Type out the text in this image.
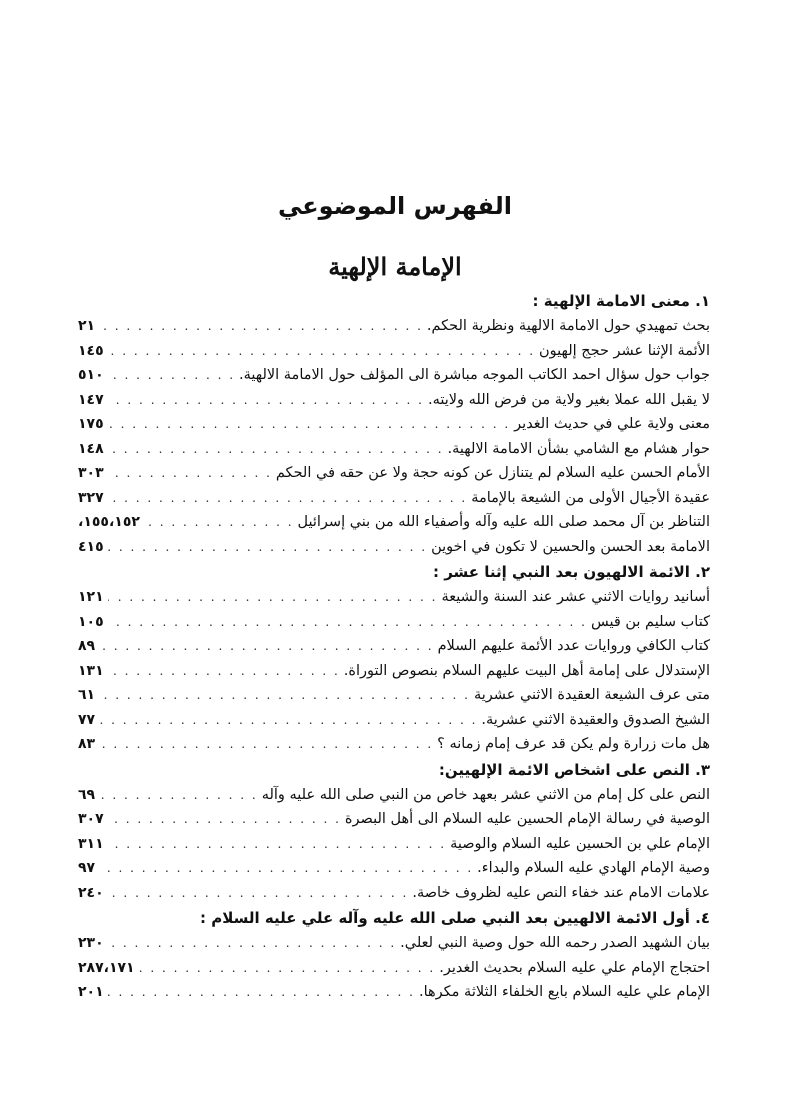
الفهرس الموضوعي
الإمامة الإلهية
١. معنى الامامة الإلهية :
بحث تمهيدي حول الامامة الالهية ونظرية الحكم.
. . .
٢١
الأئمة الإثنا عشر حجج إلهيون
. . .
١٤٥
جواب حول سؤال احمد الكاتب الموجه مباشرة الى المؤلف حول الامامة الالهية.
. . .
٥١٠
لا يقبل الله عملا بغير ولاية من فرض الله ولايته.
. . .
١٤٧
معنى ولاية علي في حديث الغدير
. . .
١٧٥
حوار هشام مع الشامي بشأن الامامة الالهية.
. . .
١٤٨
الأمام الحسن عليه السلام لم يتنازل عن كونه حجة ولا عن حقه في الحكم
. . .
٣٠٣
عقيدة الأجيال الأولى من الشيعة بالإمامة
. . .
٣٢٧
التناظر بن آل محمد صلى الله عليه وآله وأصفياء الله من بني إسرائيل
. . .
١٥٥،١٥٢،
الامامة بعد الحسن والحسين لا تكون في اخوين
. . .
٤١٥
٢. الائمة الالهيون بعد النبي إثنا عشر :
أسانيد روايات الاثني عشر عند السنة والشيعة
. . .
١٢١
كتاب سليم بن قيس
. . .
١٠٥
كتاب الكافي وروايات عدد الأئمة عليهم السلام
. . .
٨٩
الإستدلال على إمامة أهل البيت عليهم السلام بنصوص التوراة.
. . .
١٣١
متى عرف الشيعة العقيدة الاثني عشرية
. . .
٦١
الشيخ الصدوق والعقيدة الاثني عشرية.
. . .
٧٧
هل مات زرارة ولم يكن قد عرف إمام زمانه ؟
. . .
٨٣
٣. النص على اشخاص الائمة الإلهيين:
النص على كل إمام من الاثني عشر بعهد خاص من النبي صلى الله عليه وآله
. . .
٦٩
الوصية في رسالة الإمام الحسين عليه السلام الى أهل البصرة
. . .
٣٠٧
الإمام علي بن الحسين عليه السلام والوصية
. . .
٣١١
وصية الإمام الهادي عليه السلام والبداء.
. . .
٩٧
علامات الامام عند خفاء النص عليه لظروف خاصة.
. . .
٢٤٠
٤. أول الائمة الالهيين بعد النبي صلى الله عليه وآله علي عليه السلام :
بيان الشهيد الصدر رحمه الله حول وصية النبي لعلي.
. . .
٢٣٠
احتجاج الإمام علي عليه السلام بحديث الغدير.
. . .
٢٨٧،١٧١
الإمام علي عليه السلام بايع الخلفاء الثلاثة مكرها.
. . .
٢٠١
